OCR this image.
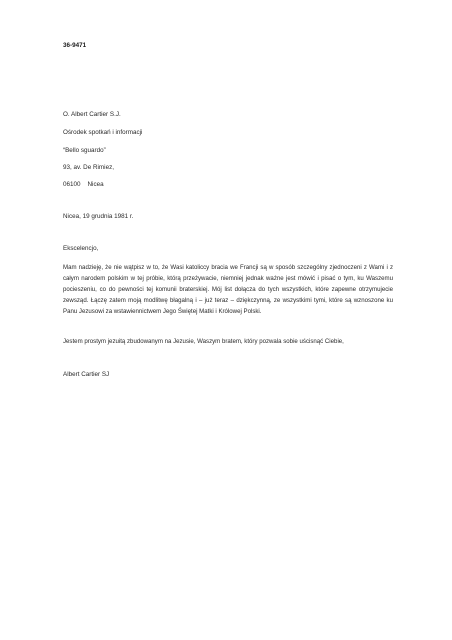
36-9471

O. Albert Cartier S.J.

Ośrodek spotkań i informacji

“Bello sguardo”

93, av. De Rimiez,

06100    Nicea

Nicea, 19 grudnia 1981 r.

Ekscelencjo,

Mam nadzieję, że nie wątpisz w to, że Wasi katoliccy bracia we Francji są w sposób szczególny zjednoczeni z Wami i z całym narodem polskim w tej próbie, którą przeżywacie, niemniej jednak ważne jest mówić i pisać o tym, ku Waszemu pocieszeniu, co do pewności tej komunii braterskiej. Mój list dołącza do tych wszystkich, które zapewne otrzymujecie zewsząd. Łączę zatem moją modlitwę błagalną i – już teraz – dziękczynną, ze wszystkimi tymi, które są wznoszone ku Panu Jezusowi za wstawiennictwem Jego Świętej Matki i Królowej Polski.

Jestem prostym jezuitą zbudowanym na Jezusie, Waszym bratem, który pozwala sobie uścisnąć Ciebie,

Albert Cartier SJ
